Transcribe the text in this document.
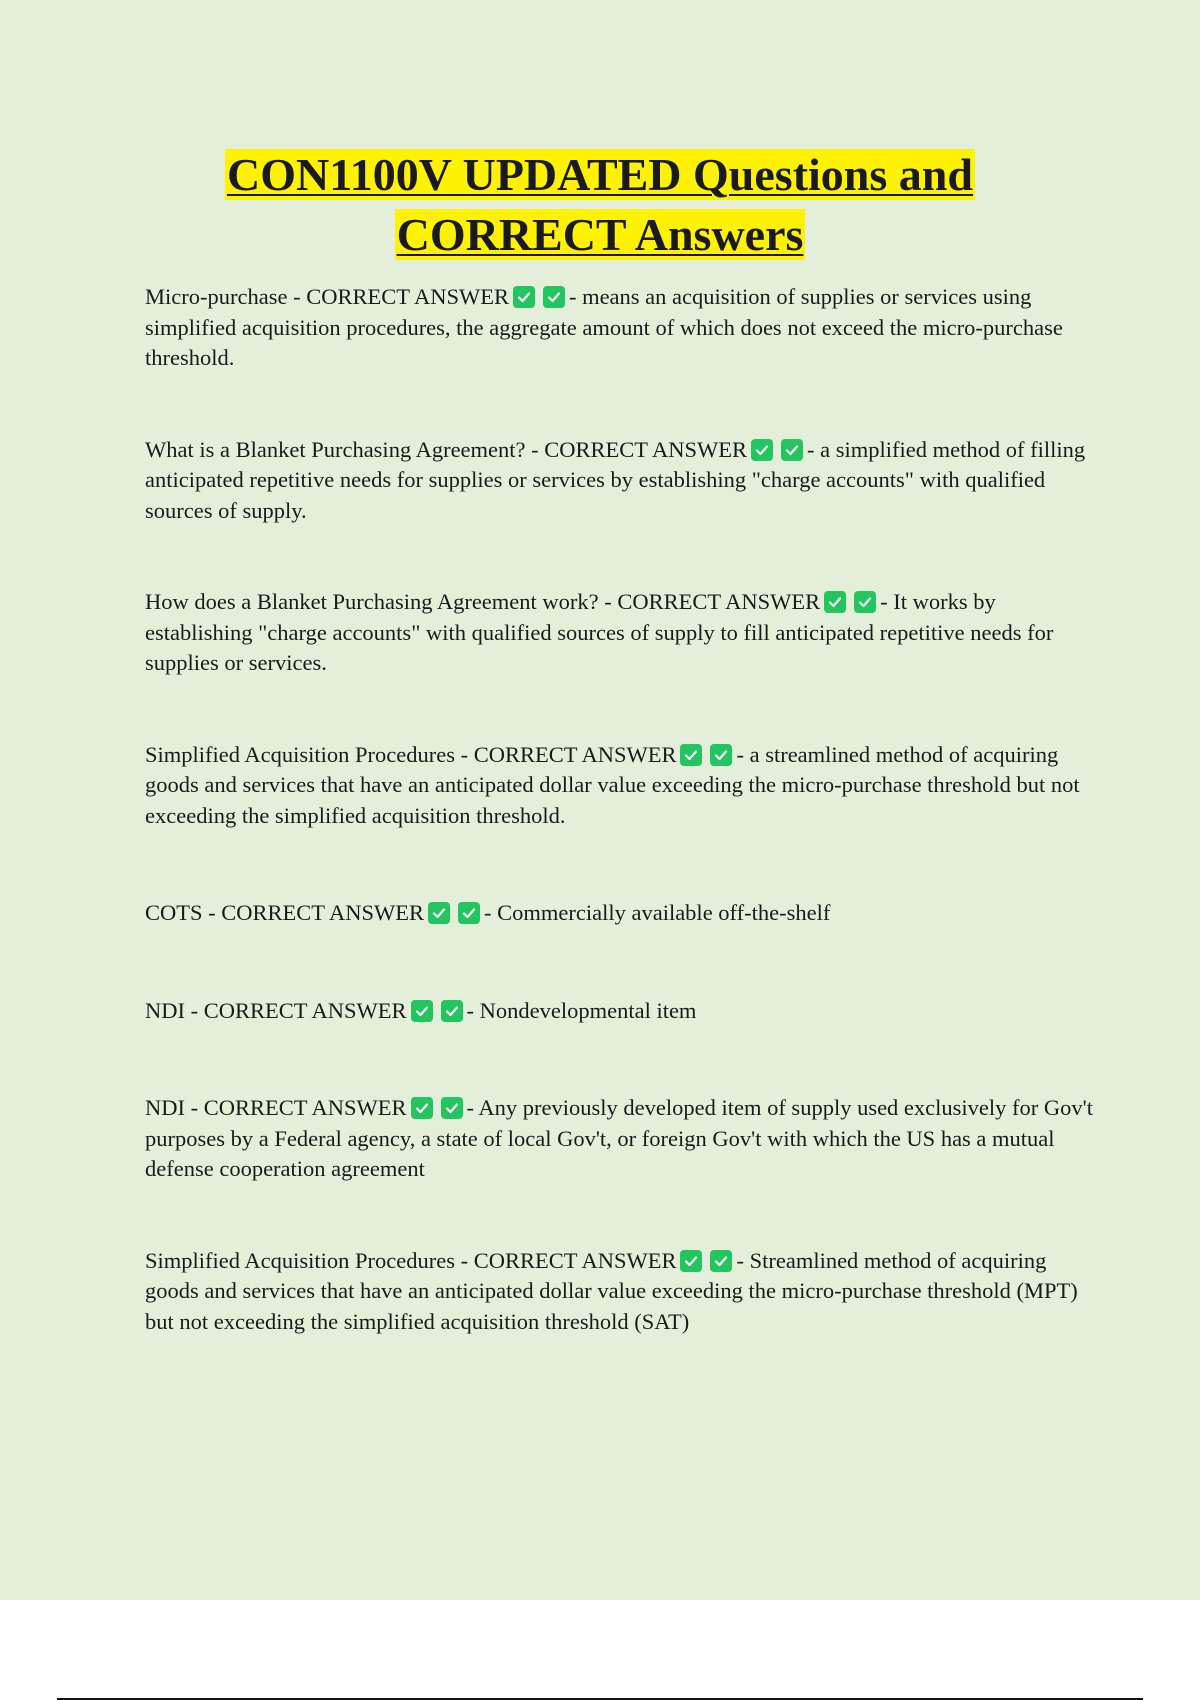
CON1100V UPDATED Questions and
CORRECT Answers

Micro-purchase - CORRECT ANSWER	- means an acquisition of supplies or services using simplified acquisition procedures, the aggregate amount of which does not exceed the micro-purchase threshold.

What is a Blanket Purchasing Agreement? - CORRECT ANSWER	- a simplified method of filling anticipated repetitive needs for supplies or services by establishing "charge accounts" with qualified sources of supply.

How does a Blanket Purchasing Agreement work? - CORRECT ANSWER	- It works by establishing "charge accounts" with qualified sources of supply to fill anticipated repetitive needs for supplies or services.

Simplified Acquisition Procedures - CORRECT ANSWER	- a streamlined method of acquiring goods and services that have an anticipated dollar value exceeding the micro-purchase threshold but not exceeding the simplified acquisition threshold.

COTS - CORRECT ANSWER	- Commercially available off-the-shelf

NDI - CORRECT ANSWER	- Nondevelopmental item

NDI - CORRECT ANSWER	- Any previously developed item of supply used exclusively for Gov't purposes by a Federal agency, a state of local Gov't, or foreign Gov't with which the US has a mutual defense cooperation agreement

Simplified Acquisition Procedures - CORRECT ANSWER	- Streamlined method of acquiring goods and services that have an anticipated dollar value exceeding the micro-purchase threshold (MPT) but not exceeding the simplified acquisition threshold (SAT)
